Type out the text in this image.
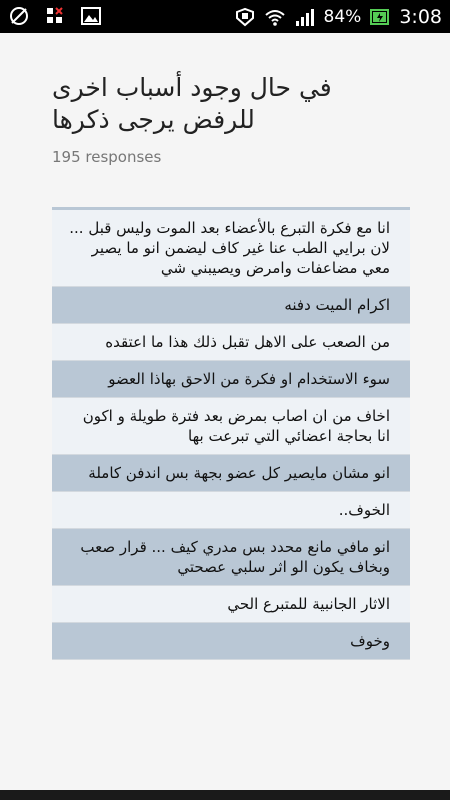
84% 3:08
في حال وجود أسباب اخرى للرفض يرجى ذكرها
195 responses
انا مع فكرة التبرع بالأعضاء بعد الموت وليس قبل ... لان برايي الطب عنا غير كاف ليضمن انو ما يصير معي مضاعفات وامرض ويصيبني شي
اكرام الميت دفنه
من الصعب على الاهل تقبل ذلك هذا ما اعتقده
سوء الاستخدام او فكرة من الاحق بهاذا العضو
اخاف من ان اصاب بمرض بعد فترة طويلة و اكون انا بحاجة اعضائي التي تبرعت بها
انو مشان مايصير كل عضو بجهة بس اندفن كاملة
الخوف..
انو مافي مانع محدد بس مدري كيف ... قرار صعب وبخاف يكون الو اثر سلبي عصحتي
الاثار الجانبية للمتبرع الحي
وخوف
